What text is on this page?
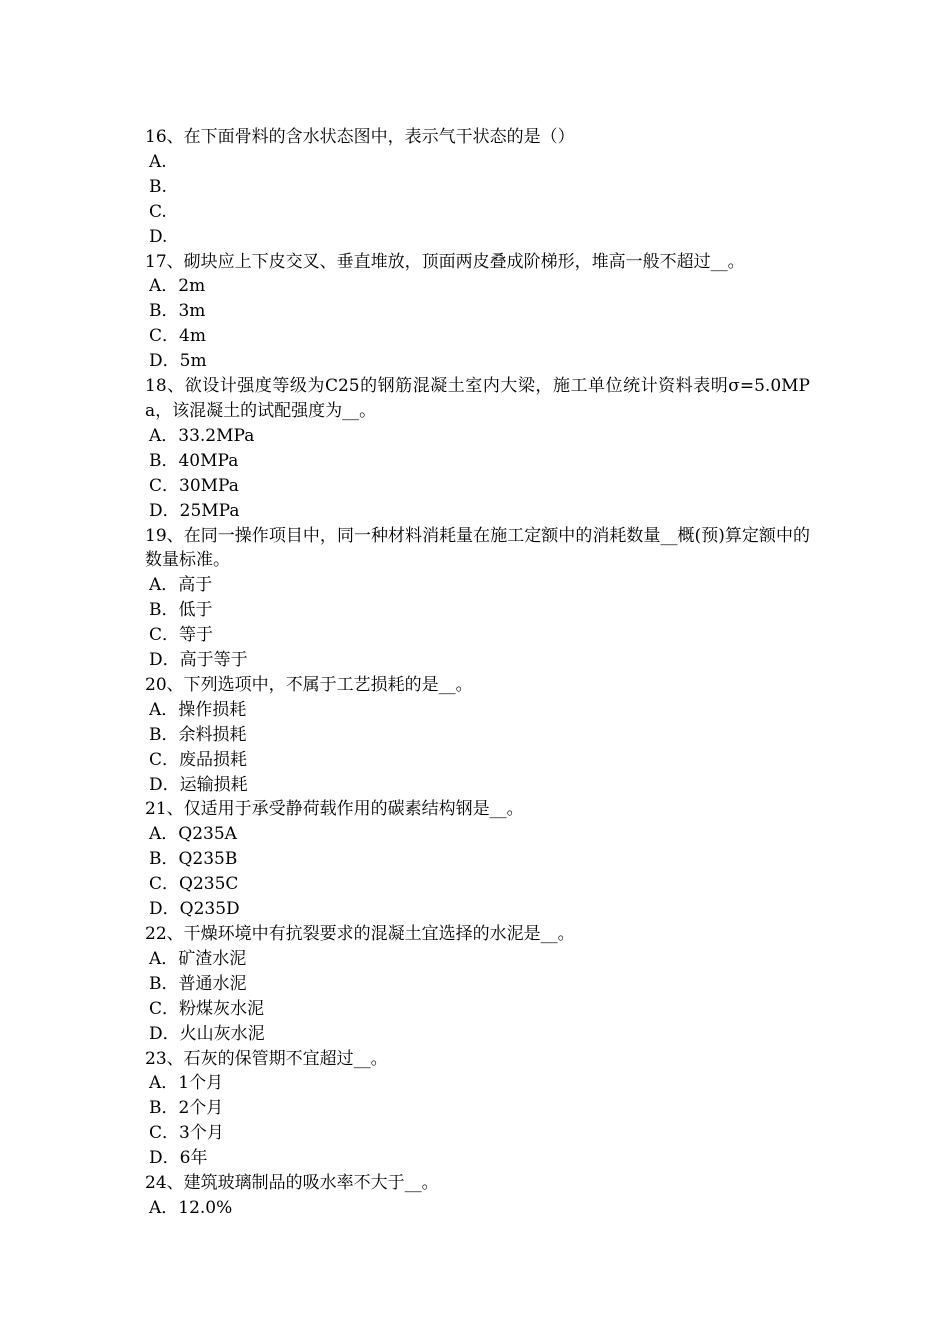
16、在下面骨料的含水状态图中，表示气干状态的是（）
A.
B.
C.
D.
17、砌块应上下皮交叉、垂直堆放，顶面两皮叠成阶梯形，堆高一般不超过__。
A．2m
B．3m
C．4m
D．5m
18、欲设计强度等级为C25的钢筋混凝土室内大梁，施工单位统计资料表明σ=5.0MPa，该混凝土的试配强度为__。
A．33.2MPa
B．40MPa
C．30MPa
D．25MPa
19、在同一操作项目中，同一种材料消耗量在施工定额中的消耗数量__概(预)算定额中的数量标准。
A．高于
B．低于
C．等于
D．高于等于
20、下列选项中，不属于工艺损耗的是__。
A．操作损耗
B．余料损耗
C．废品损耗
D．运输损耗
21、仅适用于承受静荷载作用的碳素结构钢是__。
A．Q235A
B．Q235B
C．Q235C
D．Q235D
22、干燥环境中有抗裂要求的混凝土宜选择的水泥是__。
A．矿渣水泥
B．普通水泥
C．粉煤灰水泥
D．火山灰水泥
23、石灰的保管期不宜超过__。
A．1个月
B．2个月
C．3个月
D．6年
24、建筑玻璃制品的吸水率不大于__。
A．12.0%
